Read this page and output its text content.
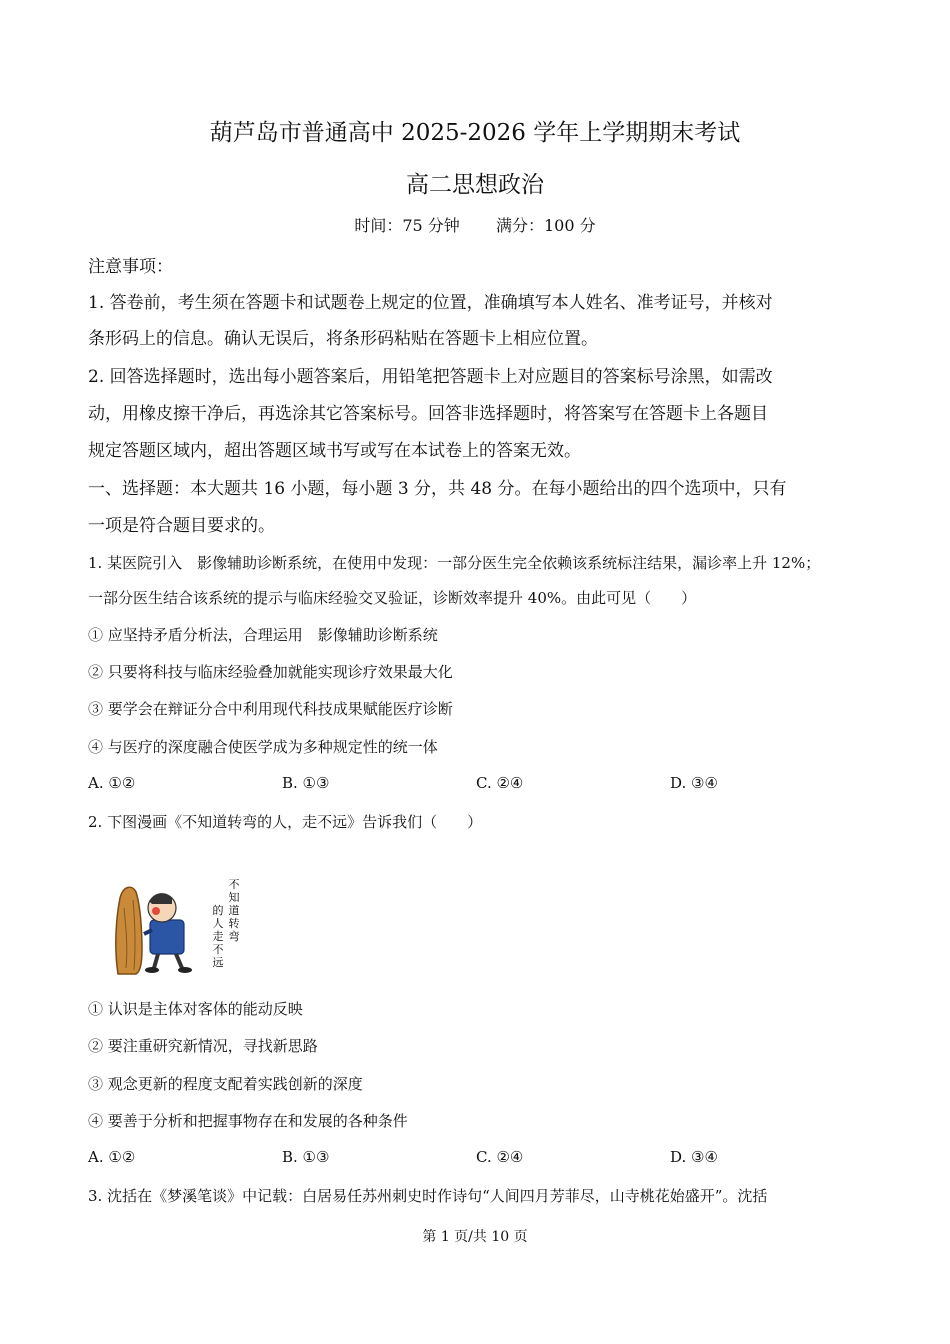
葫芦岛市普通高中 2025-2026 学年上学期期末考试
高二思想政治
时间：75 分钟 满分：100 分
注意事项：
1. 答卷前，考生须在答题卡和试题卷上规定的位置，准确填写本人姓名、准考证号，并核对
条形码上的信息。确认无误后，将条形码粘贴在答题卡上相应位置。
2. 回答选择题时，选出每小题答案后，用铅笔把答题卡上对应题目的答案标号涂黑，如需改
动，用橡皮擦干净后，再选涂其它答案标号。回答非选择题时，将答案写在答题卡上各题目
规定答题区域内，超出答题区域书写或写在本试卷上的答案无效。
一、选择题：本大题共 16 小题，每小题 3 分，共 48 分。在每小题给出的四个选项中，只有
一项是符合题目要求的。
1. 某医院引入　影像辅助诊断系统，在使用中发现：一部分医生完全依赖该系统标注结果，漏诊率上升 12%；
一部分医生结合该系统的提示与临床经验交叉验证，诊断效率提升 40%。由此可见（　　）
① 应坚持矛盾分析法，合理运用　影像辅助诊断系统
② 只要将科技与临床经验叠加就能实现诊疗效果最大化
③ 要学会在辩证分合中利用现代科技成果赋能医疗诊断
④ 与医疗的深度融合使医学成为多种规定性的统一体
A. ①②	B. ①③	C. ②④	D. ③④
2. 下图漫画《不知道转弯的人，走不远》告诉我们（　　）
不知道转弯
的人走不远
① 认识是主体对客体的能动反映
② 要注重研究新情况，寻找新思路
③ 观念更新的程度支配着实践创新的深度
④ 要善于分析和把握事物存在和发展的各种条件
A. ①②	B. ①③	C. ②④	D. ③④
3. 沈括在《梦溪笔谈》中记载：白居易任苏州刺史时作诗句“人间四月芳菲尽，山寺桃花始盛开”。沈括
第 1 页/共 10 页
